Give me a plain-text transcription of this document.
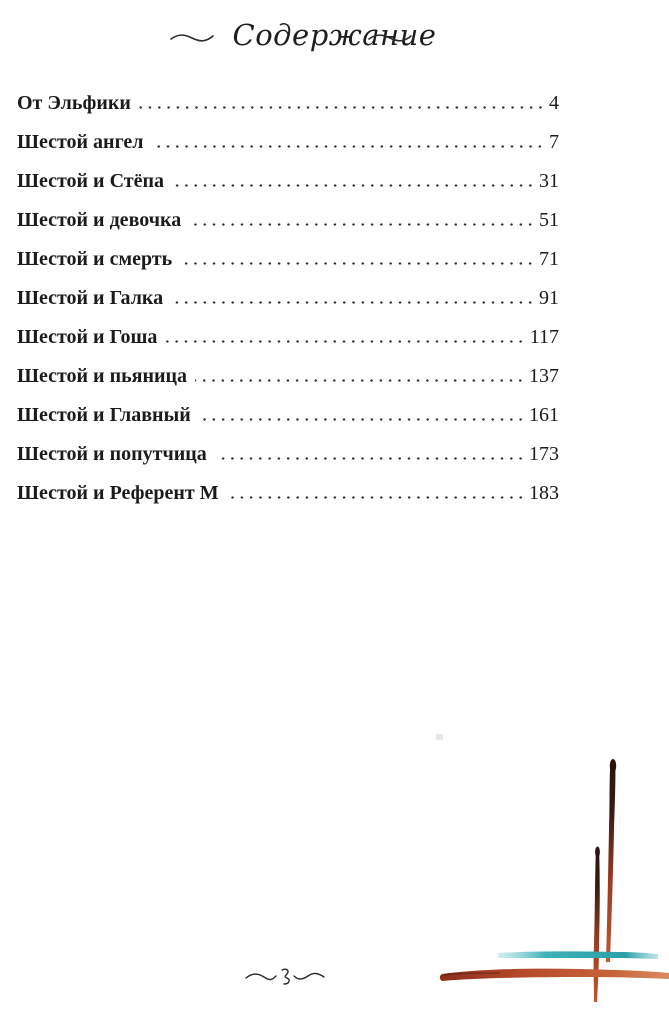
Содержание
От Эльфики	4
Шестой ангел	7
Шестой и Стёпа	31
Шестой и девочка	51
Шестой и смерть	71
Шестой и Галка	91
Шестой и Гоша	117
Шестой и пьяница	137
Шестой и Главный	161
Шестой и попутчица	173
Шестой и Референт М	183
